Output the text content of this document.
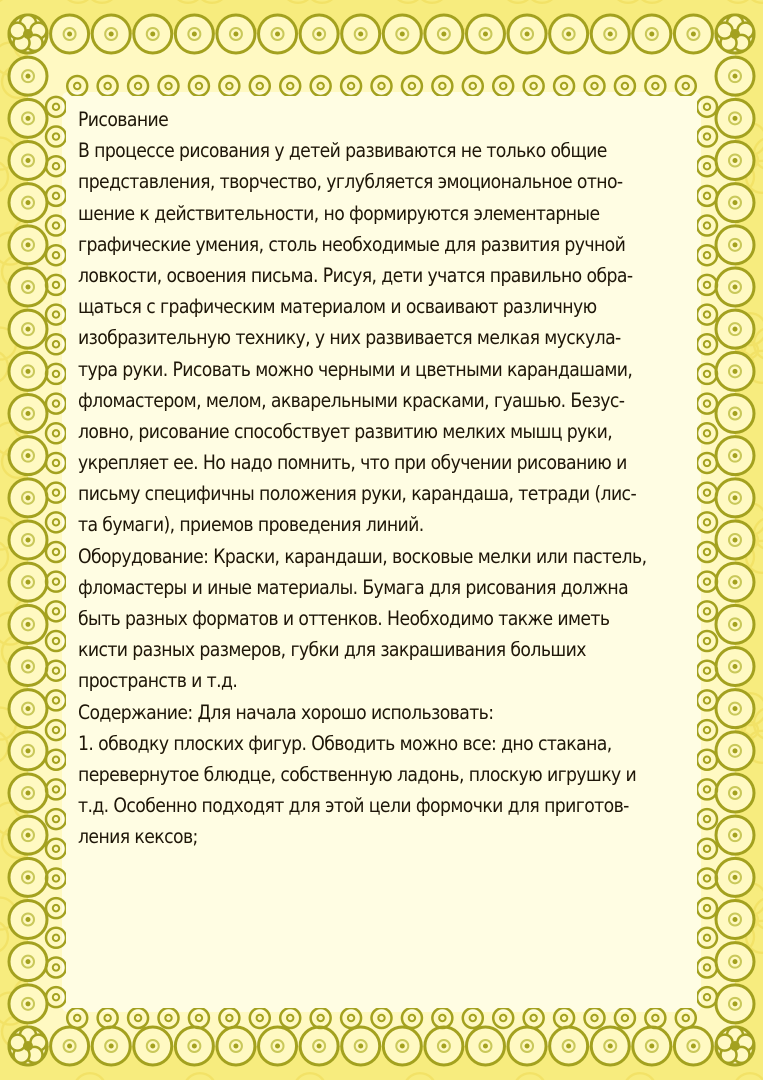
Рисование
В процессе рисования у детей развиваются не только общие
представления, творчество, углубляется эмоциональное отно-
шение к действительности, но формируются элементарные
графические умения, столь необходимые для развития ручной
ловкости, освоения письма. Рисуя, дети учатся правильно обра-
щаться с графическим материалом и осваивают различную
изобразительную технику, у них развивается мелкая мускула-
тура руки. Рисовать можно черными и цветными карандашами,
фломастером, мелом, акварельными красками, гуашью. Безус-
ловно, рисование способствует развитию мелких мышц руки,
укрепляет ее. Но надо помнить, что при обучении рисованию и
письму специфичны положения руки, карандаша, тетради (лис-
та бумаги), приемов проведения линий.
Оборудование: Краски, карандаши, восковые мелки или пастель,
фломастеры и иные материалы. Бумага для рисования должна
быть разных форматов и оттенков. Необходимо также иметь
кисти разных размеров, губки для закрашивания больших
пространств и т.д.
Содержание: Для начала хорошо использовать:
1. обводку плоских фигур. Обводить можно все: дно стакана,
перевернутое блюдце, собственную ладонь, плоскую игрушку и
т.д. Особенно подходят для этой цели формочки для приготов-
ления кексов;
